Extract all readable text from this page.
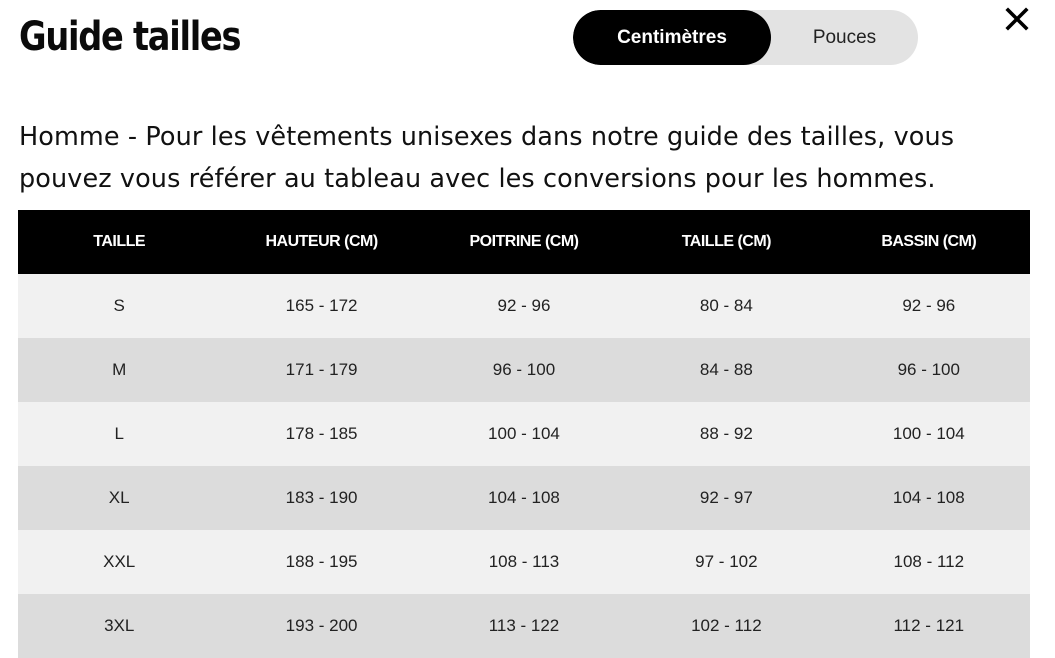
Guide tailles	Centimètres	Pouces
Homme - Pour les vêtements unisexes dans notre guide des tailles, vous pouvez vous référer au tableau avec les conversions pour les hommes.
TAILLE	HAUTEUR (CM)	POITRINE (CM)	TAILLE (CM)	BASSIN (CM)
S	165 - 172	92 - 96	80 - 84	92 - 96
M	171 - 179	96 - 100	84 - 88	96 - 100
L	178 - 185	100 - 104	88 - 92	100 - 104
XL	183 - 190	104 - 108	92 - 97	104 - 108
XXL	188 - 195	108 - 113	97 - 102	108 - 112
3XL	193 - 200	113 - 122	102 - 112	112 - 121
